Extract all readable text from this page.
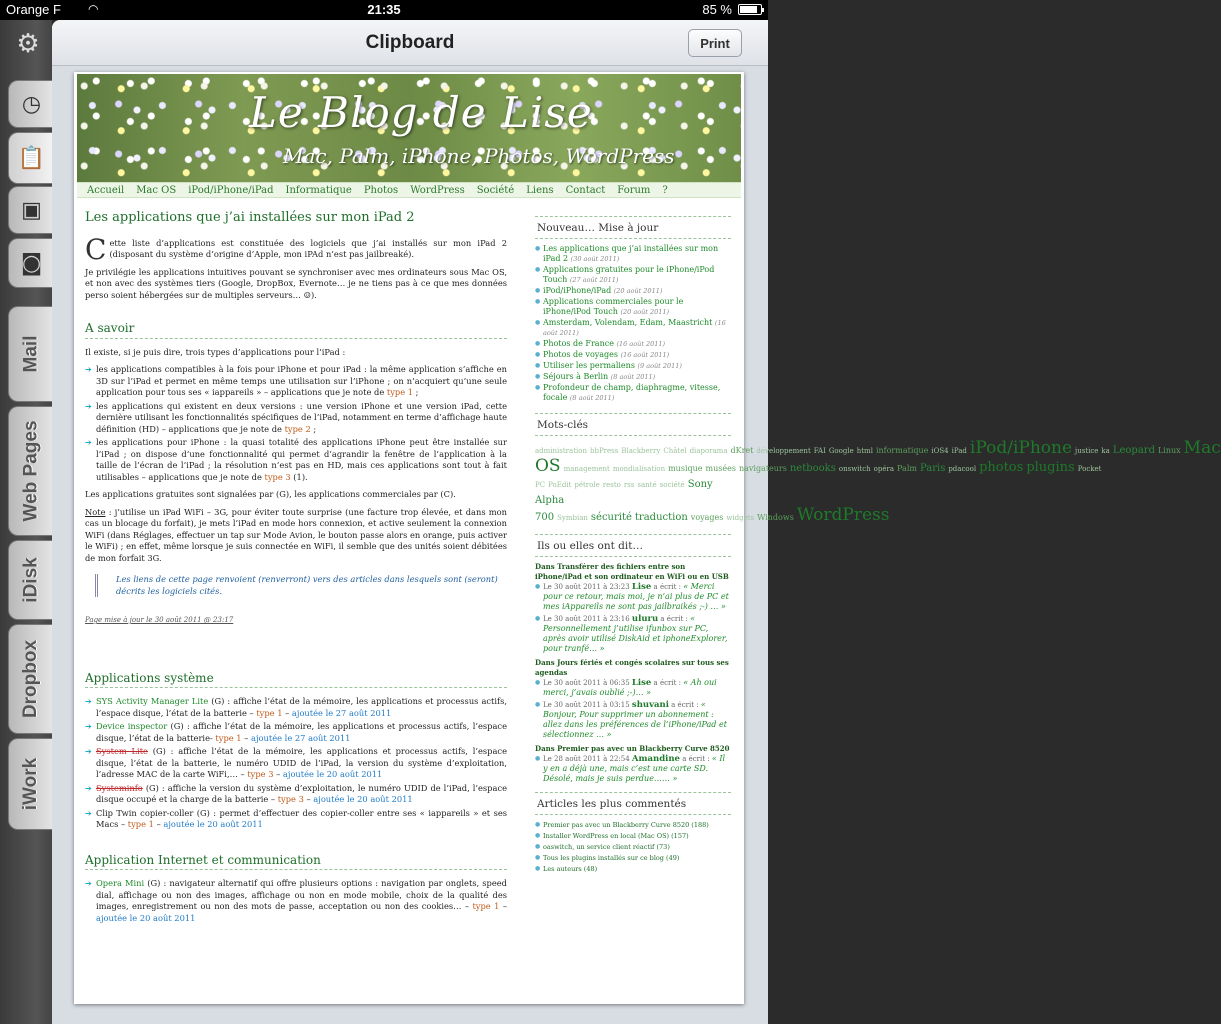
Orange F ◠	21:35	85 %
⚙
◷
📋
▣
◙
Mail
Web Pages
iDisk
Dropbox
iWork
Clipboard	Print
Le Blog de Lise
Mac, Palm, iPhone, Photos, WordPress
Accueil Mac OS iPod/iPhone/iPad Informatique Photos WordPress Société Liens Contact Forum ?
Les applications que j’ai installées sur mon iPad 2

Cette liste d’applications est constituée des logiciels que j’ai installés sur mon iPad 2 (disposant du système d’origine d’Apple, mon iPAd n’est pas jailbreaké).

Je privilégie les applications intuitives pouvant se synchroniser avec mes ordinateurs sous Mac OS, et non avec des systèmes tiers (Google, DropBox, Evernote… je ne tiens pas à ce que mes données perso soient hébergées sur de multiples serveurs… ☺).

A savoir

Il existe, si je puis dire, trois types d’applications pour l’iPad :

➔ les applications compatibles à la fois pour iPhone et pour iPad : la même application s’affiche en 3D sur l’iPad et permet en même temps une utilisation sur l’iPhone ; on n’acquiert qu’une seule application pour tous ses « iappareils » – applications que je note de type 1 ;
➔ les applications qui existent en deux versions : une version iPhone et une version iPad, cette dernière utilisant les fonctionnalités spécifiques de l’iPad, notamment en terme d’affichage haute définition (HD) – applications que je note de type 2 ;
➔ les applications pour iPhone : la quasi totalité des applications iPhone peut être installée sur l’iPad ; on dispose d’une fonctionnalité qui permet d’agrandir la fenêtre de l’application à la taille de l’écran de l’iPad ; la résolution n’est pas en HD, mais ces applications sont tout à fait utilisables – applications que je note de type 3 (1).

Les applications gratuites sont signalées par (G), les applications commerciales par (C).

Note : j’utilise un iPad WiFi – 3G, pour éviter toute surprise (une facture trop élevée, et dans mon cas un blocage du forfait), je mets l’iPad en mode hors connexion, et active seulement la connexion WiFi (dans Réglages, effectuer un tap sur Mode Avion, le bouton passe alors en orange, puis activer le WiFi) ; en effet, même lorsque je suis connectée en WiFi, il semble que des unités soient débitées de mon forfait 3G.

Les liens de cette page renvoient (renverront) vers des articles dans lesquels sont (seront) décrits les logiciels cités.
Page mise à jour le 30 août 2011 @ 23:17
Applications système
➔ SYS Activity Manager Lite (G) : affiche l’état de la mémoire, les applications et processus actifs, l’espace disque, l’état de la batterie – type 1 – ajoutée le 27 août 2011
➔ Device inspector (G) : affiche l’état de la mémoire, les applications et processus actifs, l’espace disque, l’état de la batterie- type 1 – ajoutée le 27 août 2011
➔ System Lite (G) : affiche l’état de la mémoire, les applications et processus actifs, l’espace disque, l’état de la batterie, le numéro UDID de l’iPad, la version du système d’exploitation, l’adresse MAC de la carte WiFi,… – type 3 – ajoutée le 20 août 2011
➔ Systeminfo (G) : affiche la version du système d’exploitation, le numéro UDID de l’iPad, l’espace disque occupé et la charge de la batterie – type 3 – ajoutée le 20 août 2011
➔ Clip Twin copier-coller (G) : permet d’effectuer des copier-coller entre ses « iappareils » et ses Macs – type 1 – ajoutée le 20 août 2011
Application Internet et communication
➔ Opera Mini (G) : navigateur alternatif qui offre plusieurs options : navigation par onglets, speed dial, affichage ou non des images, affichage ou non en mode mobile, choix de la qualité des images, enregistrement ou non des mots de passe, acceptation ou non des cookies… – type 1 – ajoutée le 20 août 2011
Nouveau… Mise à jour
● Les applications que j’ai installées sur mon iPad 2 (30 août 2011)
● Applications gratuites pour le iPhone/iPod Touch (27 août 2011)
● iPod/iPhone/iPad (20 août 2011)
● Applications commerciales pour le iPhone/iPod Touch (20 août 2011)
● Amsterdam, Volendam, Edam, Maastricht (16 août 2011)
● Photos de France (16 août 2011)
● Photos de voyages (16 août 2011)
● Utiliser les permaliens (9 août 2011)
● Séjours à Berlin (8 août 2011)
● Profondeur de champ, diaphragme, vitesse, focale (8 août 2011)
Mots-clés
administration bbPress Blackberry Châtel diaporama dKret développement FAI Google html informatique iOS4 iPad iPod/iPhone justice ka Leopard Linux Mac OS management mondialisation musique musées navigateurs netbooks onswitch opéra Palm Paris pdacool photos plugins Pocket PC PoEdit pétrole resto rss santé société Sony Alpha 700 Symbian sécurité traduction voyages widgets Windows WordPress
Ils ou elles ont dit…
Dans Transférer des fichiers entre son iPhone/iPad et son ordinateur en WiFi ou en USB
● Le 30 août 2011 à 23:23 Lise a écrit : « Merci pour ce retour, mais moi, je n’ai plus de PC et mes iAppareils ne sont pas jailbraikés ;-) … »
● Le 30 août 2011 à 23:16 uluru a écrit : « Personnellement j’utilise ifunbox sur PC, après avoir utilisé DiskAid et iphoneExplorer, pour tranfé… »
Dans Jours fériés et congés scolaires sur tous ses agendas
● Le 30 août 2011 à 06:35 Lise a écrit : « Ah oui merci, j’avais oublié ;-)… »
● Le 30 août 2011 à 03:15 shuvani a écrit : « Bonjour, Pour supprimer un abonnement : allez dans les préférences de l’iPhone/iPad et sélectionnez … »
Dans Premier pas avec un Blackberry Curve 8520
● Le 28 août 2011 à 22:54 Amandine a écrit : « Il y en a déjà une, mais c’est une carte SD. Désolé, mais je suis perdue…… »
Articles les plus commentés
● Premier pas avec un Blackberry Curve 8520 (188)
● Installer WordPress en local (Mac OS) (157)
● oaswitch, un service client réactif (73)
● Tous les plugins installés sur ce blog (49)
● Les auteurs (48)
